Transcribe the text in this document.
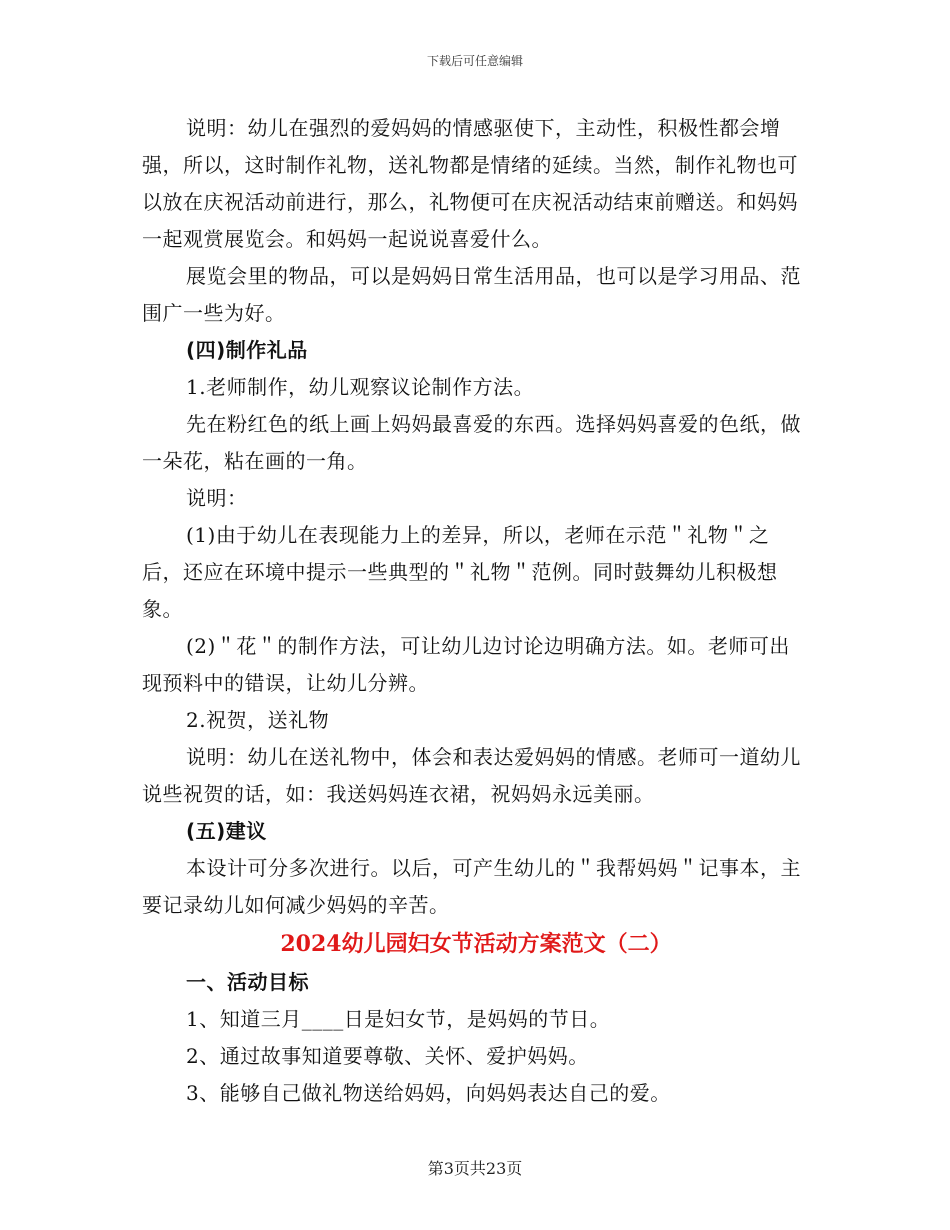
下载后可任意编辑

说明：幼儿在强烈的爱妈妈的情感驱使下，主动性，积极性都会增强，所以，这时制作礼物，送礼物都是情绪的延续。当然，制作礼物也可以放在庆祝活动前进行，那么，礼物便可在庆祝活动结束前赠送。和妈妈一起观赏展览会。和妈妈一起说说喜爱什么。

展览会里的物品，可以是妈妈日常生活用品，也可以是学习用品、范围广一些为好。

(四)制作礼品

1.老师制作，幼儿观察议论制作方法。

先在粉红色的纸上画上妈妈最喜爱的东西。选择妈妈喜爱的色纸，做一朵花，粘在画的一角。

说明：

(1)由于幼儿在表现能力上的差异，所以，老师在示范＂礼物＂之后，还应在环境中提示一些典型的＂礼物＂范例。同时鼓舞幼儿积极想象。

(2)＂花＂的制作方法，可让幼儿边讨论边明确方法。如。老师可出现预料中的错误，让幼儿分辨。

2.祝贺，送礼物

说明：幼儿在送礼物中，体会和表达爱妈妈的情感。老师可一道幼儿说些祝贺的话，如：我送妈妈连衣裙，祝妈妈永远美丽。

(五)建议

本设计可分多次进行。以后，可产生幼儿的＂我帮妈妈＂记事本，主要记录幼儿如何减少妈妈的辛苦。

2024幼儿园妇女节活动方案范文（二）

一、活动目标

1、知道三月____日是妇女节，是妈妈的节日。

2、通过故事知道要尊敬、关怀、爱护妈妈。

3、能够自己做礼物送给妈妈，向妈妈表达自己的爱。

第3页共23页
